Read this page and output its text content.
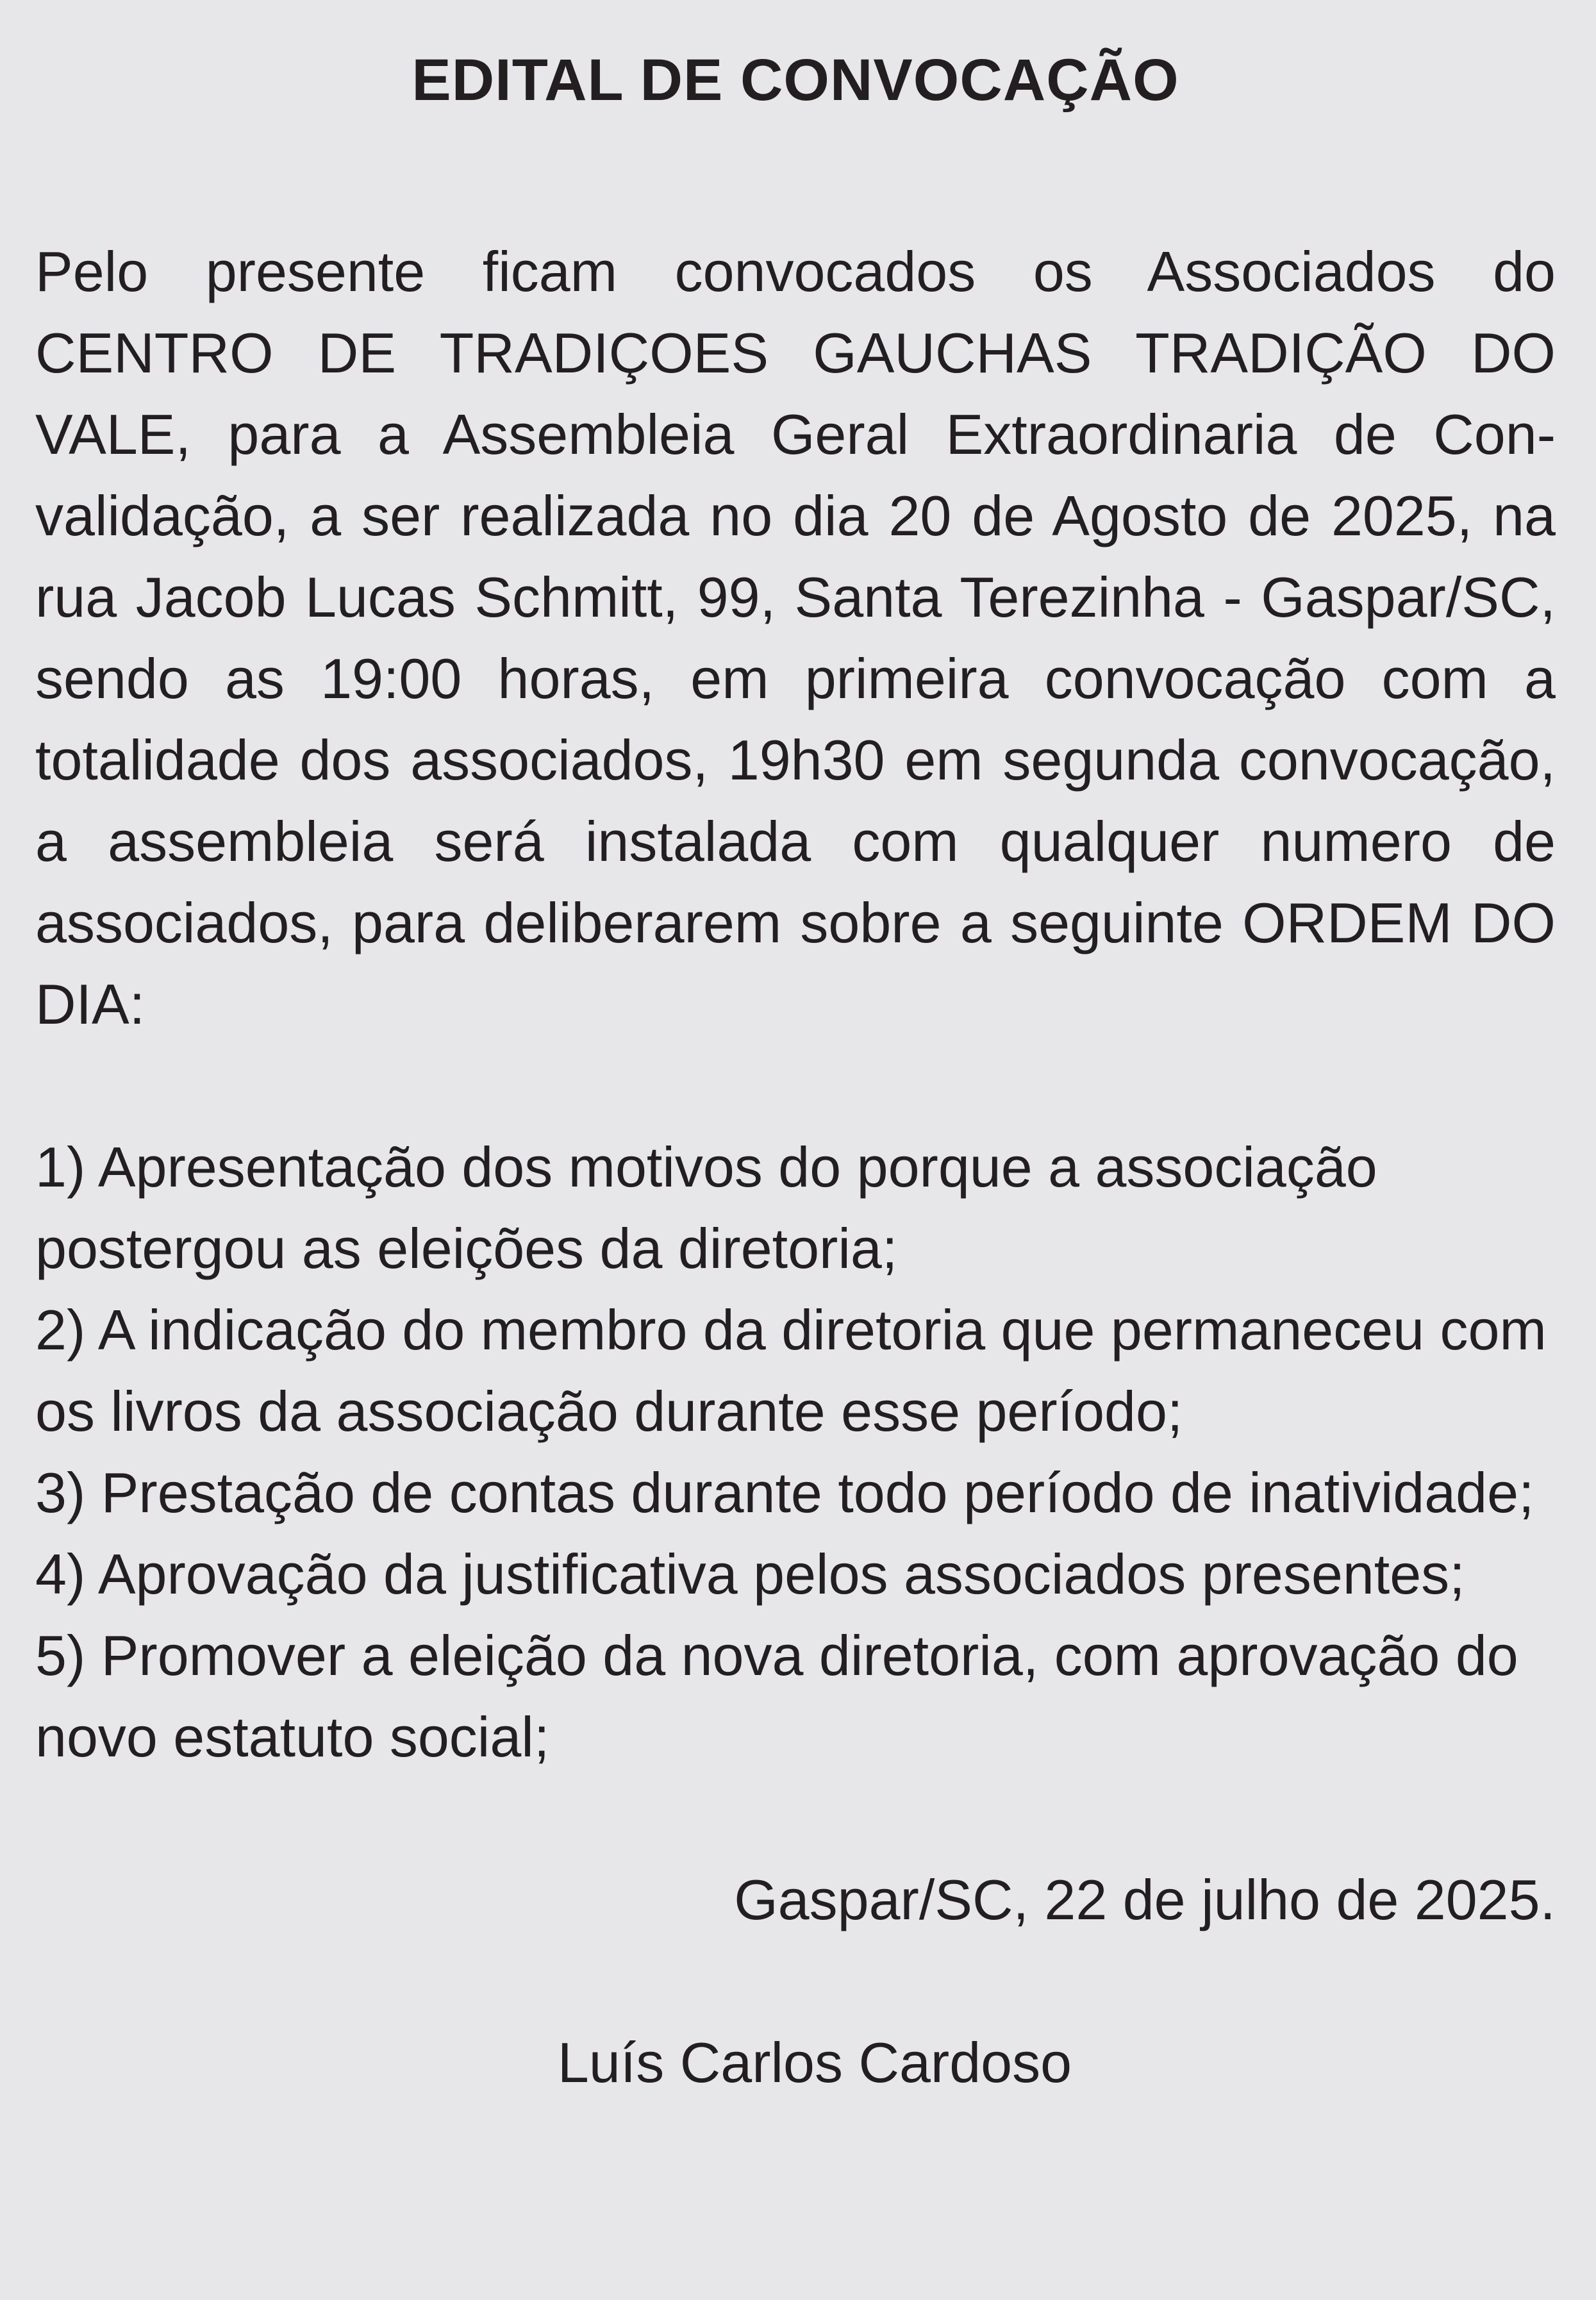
EDITAL DE CONVOCAÇÃO

Pelo presente ficam convocados os Associados do CENTRO DE TRADIÇOES GAUCHAS TRADIÇÃO DO VALE, para a Assembleia Geral Extraordinaria de Convalidação, a ser realizada no dia 20 de Agosto de 2025, na rua Jacob Lucas Schmitt, 99, Santa Terezinha - Gaspar/SC, sendo as 19:00 horas, em primeira convocação com a totalidade dos associados, 19h30 em segunda convocação, a assembleia será instalada com qualquer numero de associados, para deliberarem sobre a seguinte ORDEM DO DIA:

1) Apresentação dos motivos do porque a associação postergou as eleições da diretoria;

2) A indicação do membro da diretoria que permaneceu com os livros da associação durante esse período;

3) Prestação de contas durante todo período de inatividade;

4) Aprovação da justificativa pelos associados presentes;

5) Promover a eleição da nova diretoria, com aprovação do novo estatuto social;

Gaspar/SC, 22 de julho de 2025.
Luís Carlos Cardoso
